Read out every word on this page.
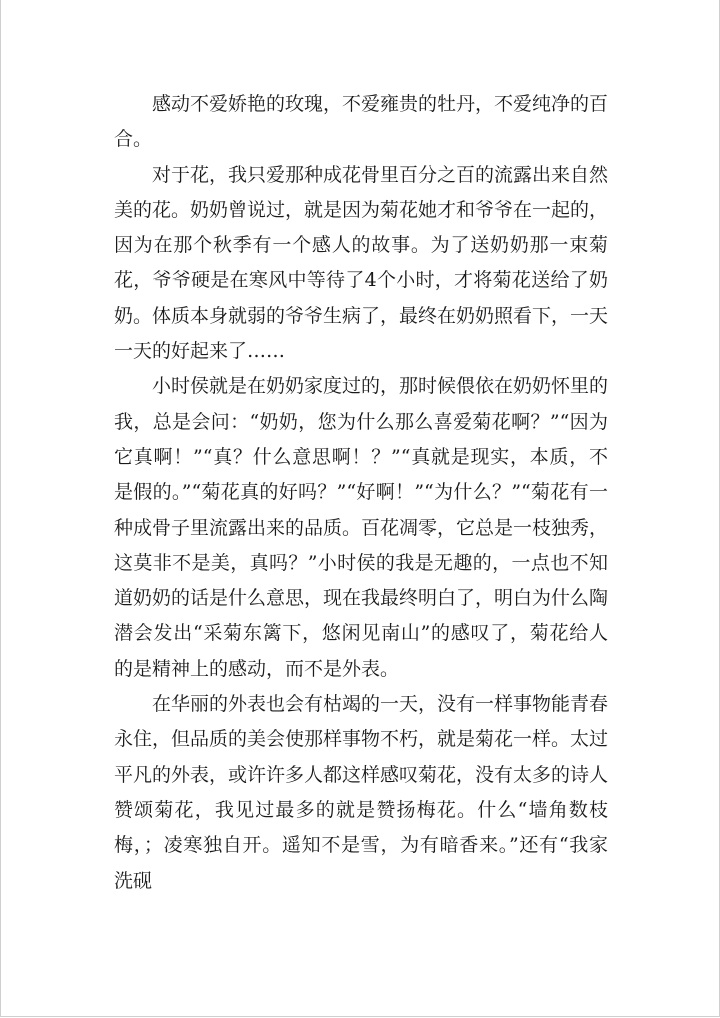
感动不爱娇艳的玫瑰，不爱雍贵的牡丹，不爱纯净的百合。

对于花，我只爱那种成花骨里百分之百的流露出来自然美的花。奶奶曾说过，就是因为菊花她才和爷爷在一起的，因为在那个秋季有一个感人的故事。为了送奶奶那一束菊花，爷爷硬是在寒风中等待了4个小时，才将菊花送给了奶奶。体质本身就弱的爷爷生病了，最终在奶奶照看下，一天一天的好起来了……

小时侯就是在奶奶家度过的，那时候偎依在奶奶怀里的我，总是会问：“奶奶，您为什么那么喜爱菊花啊？”“因为它真啊！”“真？什么意思啊！？”“真就是现实，本质，不是假的。”“菊花真的好吗？”“好啊！”“为什么？”“菊花有一种成骨子里流露出来的品质。百花凋零，它总是一枝独秀，这莫非不是美，真吗？”小时侯的我是无趣的，一点也不知道奶奶的话是什么意思，现在我最终明白了，明白为什么陶潜会发出“采菊东篱下，悠闲见南山”的感叹了，菊花给人的是精神上的感动，而不是外表。

在华丽的外表也会有枯竭的一天，没有一样事物能青春永住，但品质的美会使那样事物不朽，就是菊花一样。太过平凡的外表，或许许多人都这样感叹菊花，没有太多的诗人赞颂菊花，我见过最多的就是赞扬梅花。什么“墙角数枝梅，；凌寒独自开。遥知不是雪，为有暗香来。”还有“我家洗砚
